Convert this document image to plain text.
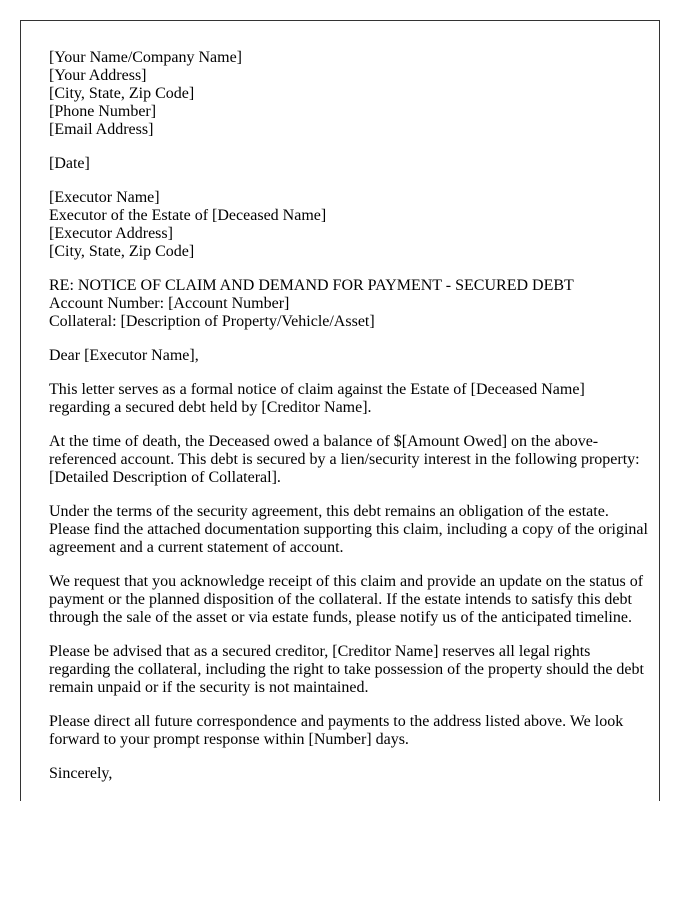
[Your Name/Company Name]
[Your Address]
[City, State, Zip Code]
[Phone Number]
[Email Address]
[Date]
[Executor Name]
Executor of the Estate of [Deceased Name]
[Executor Address]
[City, State, Zip Code]
RE: NOTICE OF CLAIM AND DEMAND FOR PAYMENT - SECURED DEBT
Account Number: [Account Number]
Collateral: [Description of Property/Vehicle/Asset]

Dear [Executor Name],

This letter serves as a formal notice of claim against the Estate of [Deceased Name] regarding a secured debt held by [Creditor Name].

At the time of death, the Deceased owed a balance of $[Amount Owed] on the above-referenced account. This debt is secured by a lien/security interest in the following property: [Detailed Description of Collateral].

Under the terms of the security agreement, this debt remains an obligation of the estate. Please find the attached documentation supporting this claim, including a copy of the original agreement and a current statement of account.

We request that you acknowledge receipt of this claim and provide an update on the status of payment or the planned disposition of the collateral. If the estate intends to satisfy this debt through the sale of the asset or via estate funds, please notify us of the anticipated timeline.

Please be advised that as a secured creditor, [Creditor Name] reserves all legal rights regarding the collateral, including the right to take possession of the property should the debt remain unpaid or if the security is not maintained.

Please direct all future correspondence and payments to the address listed above. We look forward to your prompt response within [Number] days.

Sincerely,
